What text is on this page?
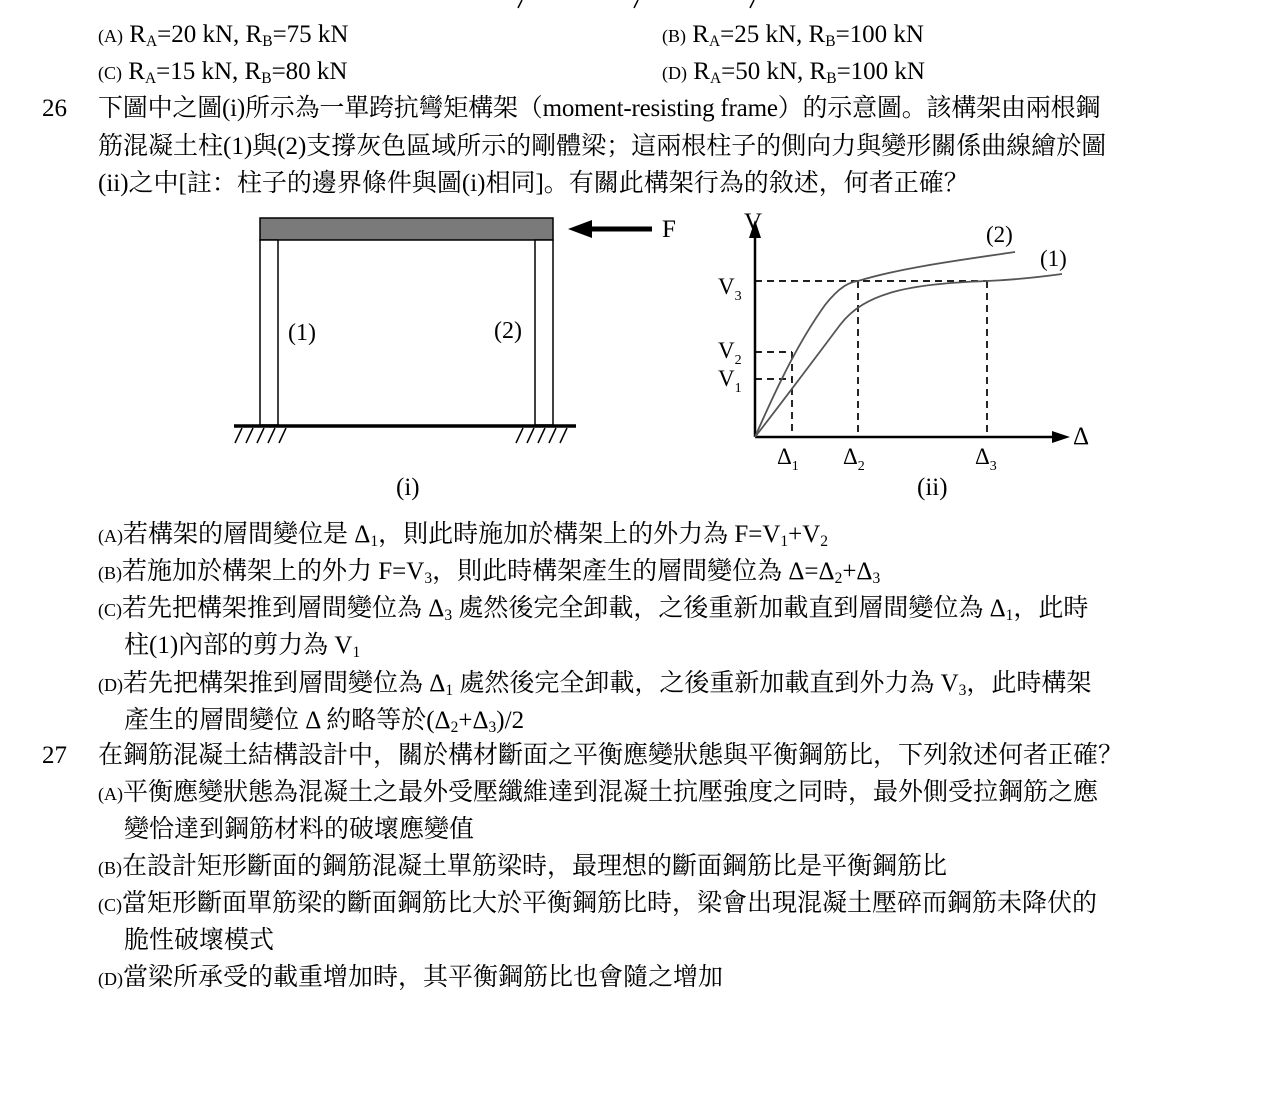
(A) $R_A=20$ kN, $R_B=75$ kN	(B) $R_A=25$ kN, $R_B=100$ kN
(C) $R_A=15$ kN, $R_B=80$ kN	(D) $R_A=50$ kN, $R_B=100$ kN
26 下圖中之圖(i)所示為一單跨抗彎矩構架（moment-resisting frame）的示意圖。該構架由兩根鋼
筋混凝土柱(1)與(2)支撐灰色區域所示的剛體梁；這兩根柱子的側向力與變形關係曲線繪於圖
(ii)之中[註：柱子的邊界條件與圖(i)相同]。有關此構架行為的敘述，何者正確？
F
(1)	(2)
(i)
V
Δ
(2)
(1)
$V_3$
$V_2$
$V_1$
$\Delta_1$ $\Delta_2$	$\Delta_3$
(ii)
(A)若構架的層間變位是 $\Delta_1$，則此時施加於構架上的外力為 $F=V_1+V_2$
(B)若施加於構架上的外力 $F=V_3$，則此時構架產生的層間變位為 $\Delta=\Delta_2+\Delta_3$
(C)若先把構架推到層間變位為 $\Delta_3$ 處然後完全卸載，之後重新加載直到層間變位為 $\Delta_1$，此時
柱(1)內部的剪力為 $V_1$
(D)若先把構架推到層間變位為 $\Delta_1$ 處然後完全卸載，之後重新加載直到外力為 $V_3$，此時構架
產生的層間變位 Δ 約略等於$(\Delta_2+\Delta_3)/2$
27 在鋼筋混凝土結構設計中，關於構材斷面之平衡應變狀態與平衡鋼筋比，下列敘述何者正確？
(A)平衡應變狀態為混凝土之最外受壓纖維達到混凝土抗壓強度之同時，最外側受拉鋼筋之應
變恰達到鋼筋材料的破壞應變值
(B)在設計矩形斷面的鋼筋混凝土單筋梁時，最理想的斷面鋼筋比是平衡鋼筋比
(C)當矩形斷面單筋梁的斷面鋼筋比大於平衡鋼筋比時，梁會出現混凝土壓碎而鋼筋未降伏的
脆性破壞模式
(D)當梁所承受的載重增加時，其平衡鋼筋比也會隨之增加
